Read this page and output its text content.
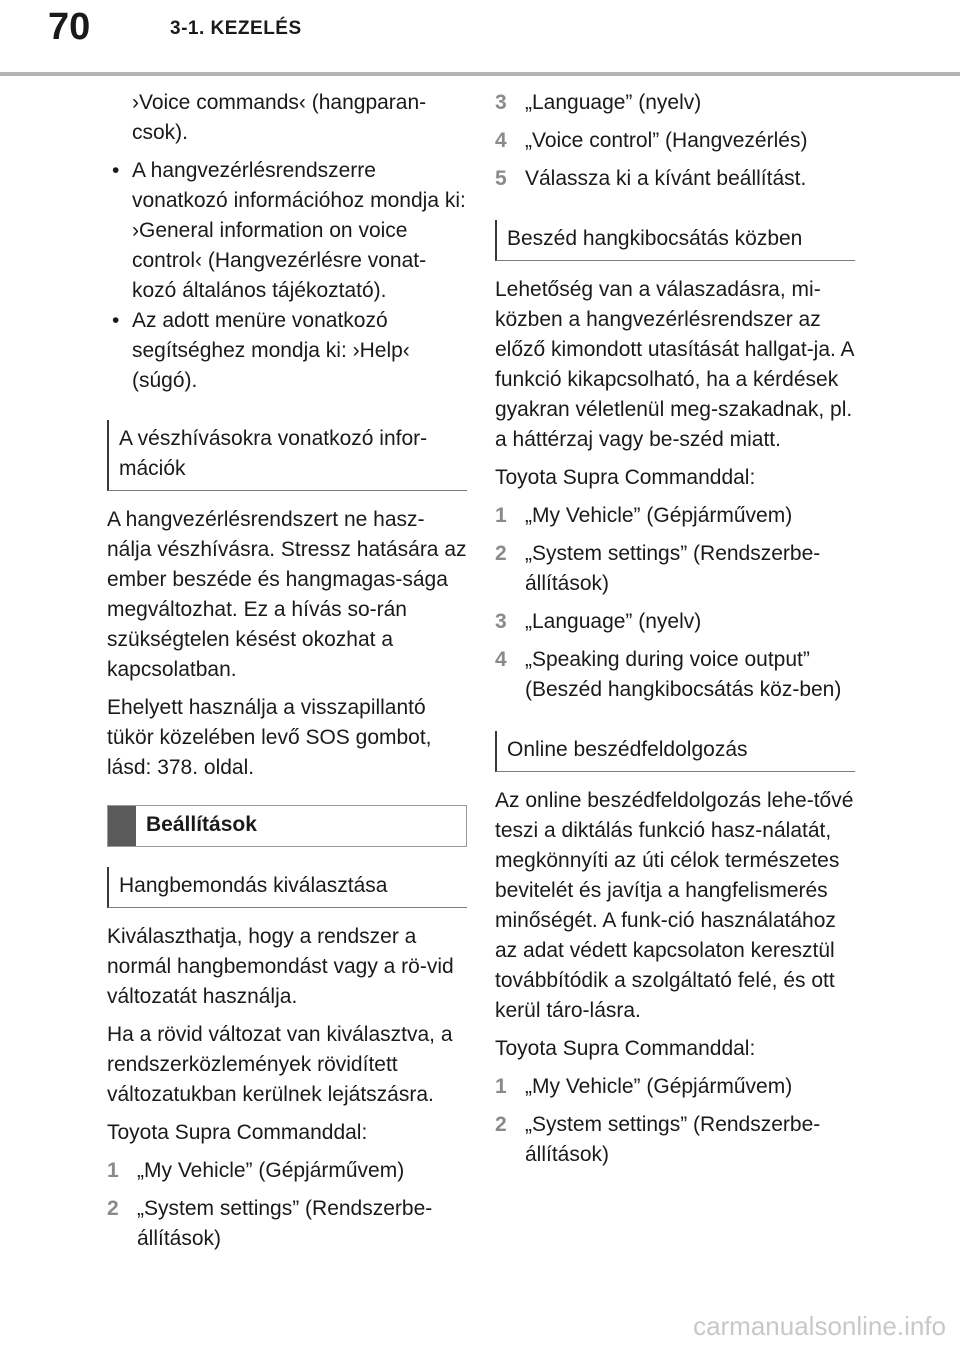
70	3-1. KEZELÉS

›Voice commands‹ (hangparan-csok).

• A hangvezérlésrendszerre vonatkozó információhoz mondja ki: ›General information on voice control‹ (Hangvezérlésre vonat-kozó általános tájékoztató).
• Az adott menüre vonatkozó segítséghez mondja ki: ›Help‹ (súgó).
A vészhívásokra vonatkozó infor-mációk

A hangvezérlésrendszert ne hasz-nálja vészhívásra. Stressz hatására az ember beszéde és hangmagas-sága megváltozhat. Ez a hívás so-rán szükségtelen késést okozhat a kapcsolatban.

Ehelyett használja a visszapillantó tükör közelében levő SOS gombot, lásd: 378. oldal.

Beállítások
Hangbemondás kiválasztása

Kiválaszthatja, hogy a rendszer a normál hangbemondást vagy a rö-vid változatát használja.

Ha a rövid változat van kiválasztva, a rendszerközlemények rövidített változatukban kerülnek lejátszásra.

Toyota Supra Commanddal:

1 „My Vehicle” (Gépjárművem)
2 „System settings” (Rendszerbe-állítások)
3 „Language” (nyelv)
4 „Voice control” (Hangvezérlés)
5 Válassza ki a kívánt beállítást.
Beszéd hangkibocsátás közben

Lehetőség van a válaszadásra, mi-közben a hangvezérlésrendszer az előző kimondott utasítását hallgat-ja. A funkció kikapcsolható, ha a kérdések gyakran véletlenül meg-szakadnak, pl. a háttérzaj vagy be-széd miatt.

Toyota Supra Commanddal:

1 „My Vehicle” (Gépjárművem)
2 „System settings” (Rendszerbe-állítások)
3 „Language” (nyelv)
4 „Speaking during voice output” (Beszéd hangkibocsátás köz-ben)
Online beszédfeldolgozás

Az online beszédfeldolgozás lehe-tővé teszi a diktálás funkció hasz-nálatát, megkönnyíti az úti célok természetes bevitelét és javítja a hangfelismerés minőségét. A funk-ció használatához az adat védett kapcsolaton keresztül továbbítódik a szolgáltató felé, és ott kerül táro-lásra.

Toyota Supra Commanddal:

1 „My Vehicle” (Gépjárművem)
2 „System settings” (Rendszerbe-állítások)
carmanualsonline.info
